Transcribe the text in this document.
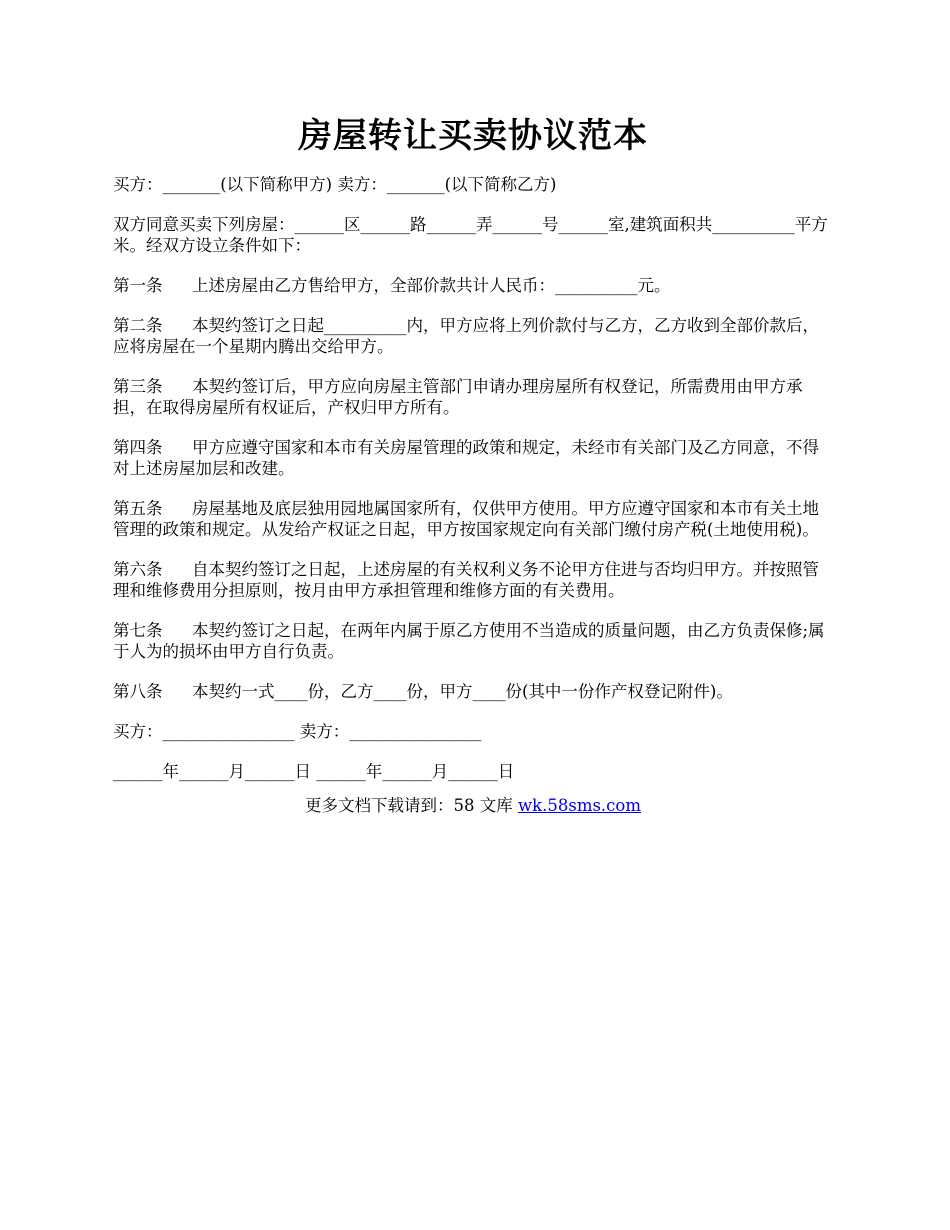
房屋转让买卖协议范本

买方：_______(以下简称甲方) 卖方：_______(以下简称乙方)

双方同意买卖下列房屋：______区______路______弄______号______室,建筑面积共__________平方米。经双方设立条件如下：

第一条 上述房屋由乙方售给甲方，全部价款共计人民币：__________元。

第二条 本契约签订之日起__________内，甲方应将上列价款付与乙方，乙方收到全部价款后，应将房屋在一个星期内腾出交给甲方。

第三条 本契约签订后，甲方应向房屋主管部门申请办理房屋所有权登记，所需费用由甲方承担，在取得房屋所有权证后，产权归甲方所有。

第四条 甲方应遵守国家和本市有关房屋管理的政策和规定，未经市有关部门及乙方同意，不得对上述房屋加层和改建。

第五条 房屋基地及底层独用园地属国家所有，仅供甲方使用。甲方应遵守国家和本市有关土地管理的政策和规定。从发给产权证之日起，甲方按国家规定向有关部门缴付房产税(土地使用税)。

第六条 自本契约签订之日起，上述房屋的有关权利义务不论甲方住进与否均归甲方。并按照管理和维修费用分担原则，按月由甲方承担管理和维修方面的有关费用。

第七条 本契约签订之日起，在两年内属于原乙方使用不当造成的质量问题，由乙方负责保修;属于人为的损坏由甲方自行负责。

第八条 本契约一式____份，乙方____份，甲方____份(其中一份作产权登记附件)。

买方：________________ 卖方：________________

______年______月______日 ______年______月______日

更多文档下载请到：58 文库 wk.58sms.com
